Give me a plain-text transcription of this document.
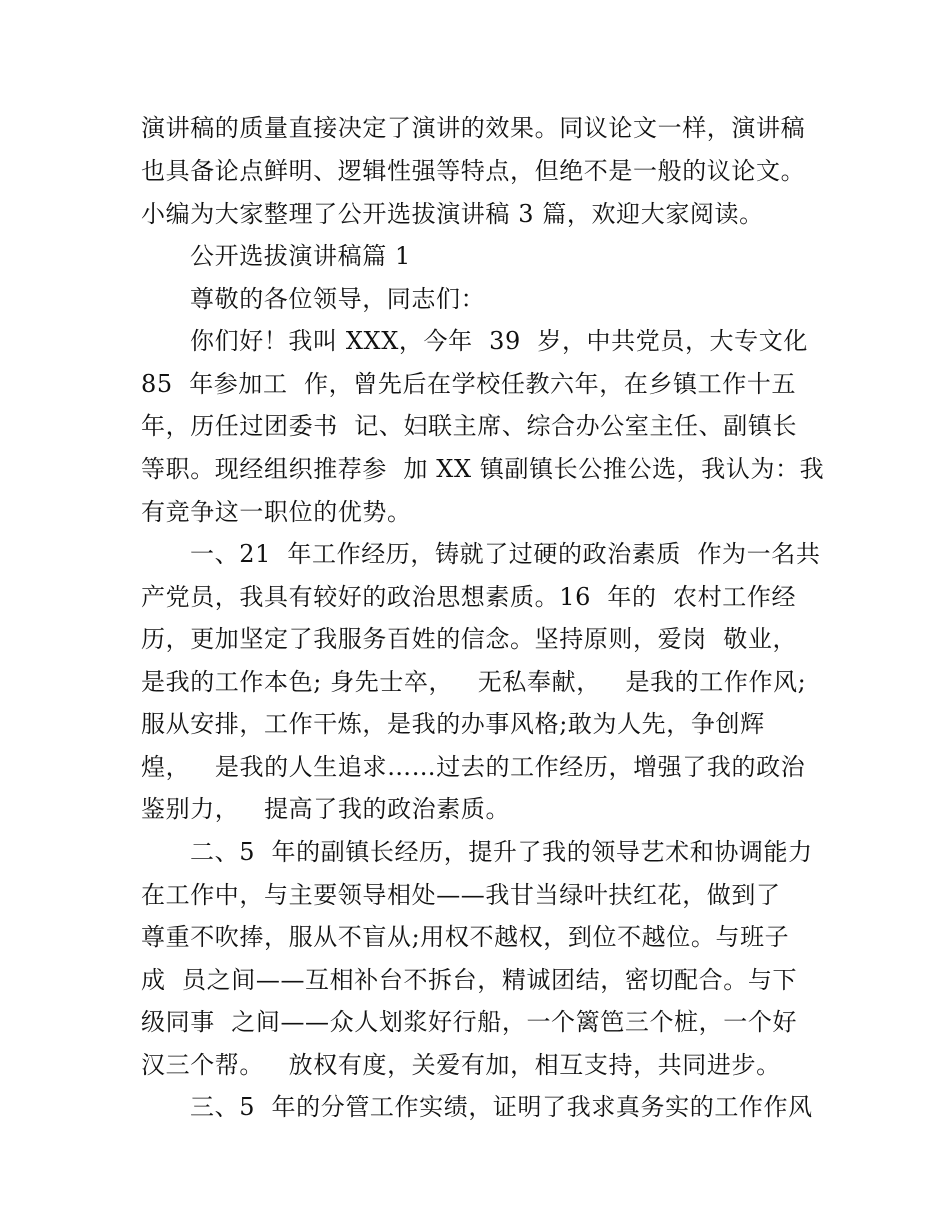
演讲稿的质量直接决定了演讲的效果。同议论文一样，演讲稿
也具备论点鲜明、逻辑性强等特点，但绝不是一般的议论文。
小编为大家整理了公开选拔演讲稿 3 篇，欢迎大家阅读。
公开选拔演讲稿篇 1
尊敬的各位领导，同志们：
你们好！我叫 XXX，今年  39  岁，中共党员，大专文化
85  年参加工  作，曾先后在学校任教六年，在乡镇工作十五
年，历任过团委书  记、妇联主席、综合办公室主任、副镇长
等职。现经组织推荐参  加 XX 镇副镇长公推公选，我认为：我
有竞争这一职位的优势。
一、21  年工作经历，铸就了过硬的政治素质  作为一名共
产党员，我具有较好的政治思想素质。16  年的  农村工作经
历，更加坚定了我服务百姓的信念。坚持原则，爱岗  敬业，
是我的工作本色; 身先士卒，   无私奉献，   是我的工作作风;
服从安排，工作干炼，是我的办事风格;敢为人先，争创辉
煌，   是我的人生追求……过去的工作经历，增强了我的政治
鉴别力，   提高了我的政治素质。
二、5  年的副镇长经历，提升了我的领导艺术和协调能力
在工作中，与主要领导相处——我甘当绿叶扶红花，做到了
尊重不吹捧，服从不盲从;用权不越权，到位不越位。与班子
成  员之间——互相补台不拆台，精诚团结，密切配合。与下
级同事  之间——众人划浆好行船，一个篱笆三个桩，一个好
汉三个帮。   放权有度，关爱有加，相互支持，共同进步。
三、5  年的分管工作实绩，证明了我求真务实的工作作风
